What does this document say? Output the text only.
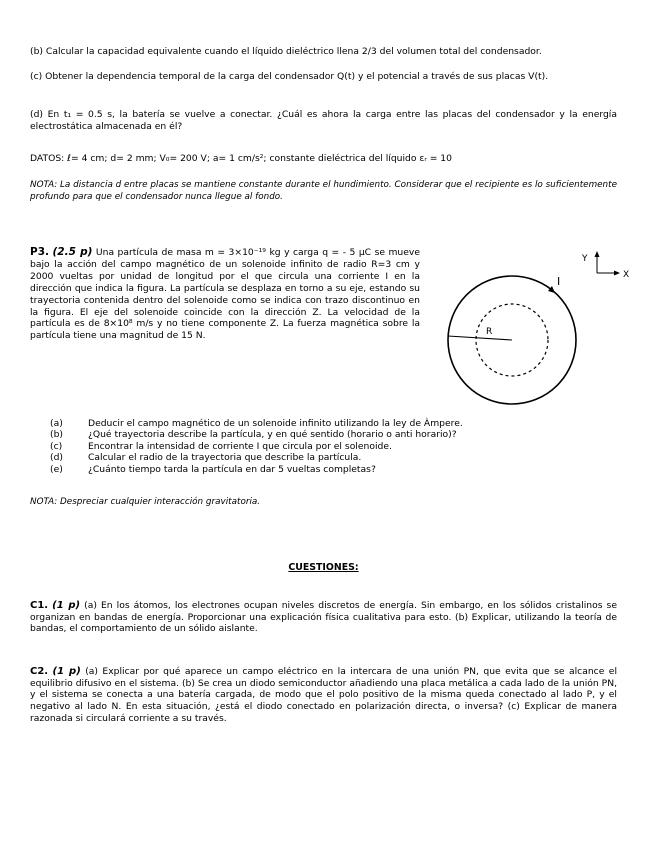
(b) Calcular la capacidad equivalente cuando el líquido dieléctrico llena 2/3 del volumen total del condensador.

(c) Obtener la dependencia temporal de la carga del condensador Q(t) y el potencial a través de sus placas V(t).

(d) En t₁ = 0.5 s, la batería se vuelve a conectar. ¿Cuál es ahora la carga entre las placas del condensador y la energía electrostática almacenada en él?

DATOS: ℓ= 4 cm; d= 2 mm; V₀= 200 V; a= 1 cm/s²; constante dieléctrica del líquido εᵣ = 10

NOTA: La distancia d entre placas se mantiene constante durante el hundimiento. Considerar que el recipiente es lo suficientemente profundo para que el condensador nunca llegue al fondo.

P3. (2.5 p) Una partícula de masa m = 3×10⁻¹⁹ kg y carga q = - 5 μC se mueve bajo la acción del campo magnético de un solenoide infinito de radio R=3 cm y 2000 vueltas por unidad de longitud por el que circula una corriente I en la dirección que indica la figura. La partícula se desplaza en torno a su eje, estando su trayectoria contenida dentro del solenoide como se indica con trazo discontinuo en la figura. El eje del solenoide coincide con la dirección Z. La velocidad de la partícula es de 8×10⁸ m/s y no tiene componente Z. La fuerza magnética sobre la partícula tiene una magnitud de 15 N.

Y
X
I
R
(a)	Deducir el campo magnético de un solenoide infinito utilizando la ley de Àmpere.
(b)	¿Qué trayectoria describe la partícula, y en qué sentido (horario o anti horario)?
(c)	Encontrar la intensidad de corriente I que circula por el solenoide.
(d)	Calcular el radio de la trayectoria que describe la partícula.
(e)	¿Cuánto tiempo tarda la partícula en dar 5 vueltas completas?

NOTA: Despreciar cualquier interacción gravitatoria.

CUESTIONES:

C1. (1 p) (a) En los átomos, los electrones ocupan niveles discretos de energía. Sin embargo, en los sólidos cristalinos se organizan en bandas de energía. Proporcionar una explicación física cualitativa para esto. (b) Explicar, utilizando la teoría de bandas, el comportamiento de un sólido aislante.

C2. (1 p) (a) Explicar por qué aparece un campo eléctrico en la intercara de una unión PN, que evita que se alcance el equilibrio difusivo en el sistema. (b) Se crea un diodo semiconductor añadiendo una placa metálica a cada lado de la unión PN, y el sistema se conecta a una batería cargada, de modo que el polo positivo de la misma queda conectado al lado P, y el negativo al lado N. En esta situación, ¿está el diodo conectado en polarización directa, o inversa? (c) Explicar de manera razonada si circulará corriente a su través.
